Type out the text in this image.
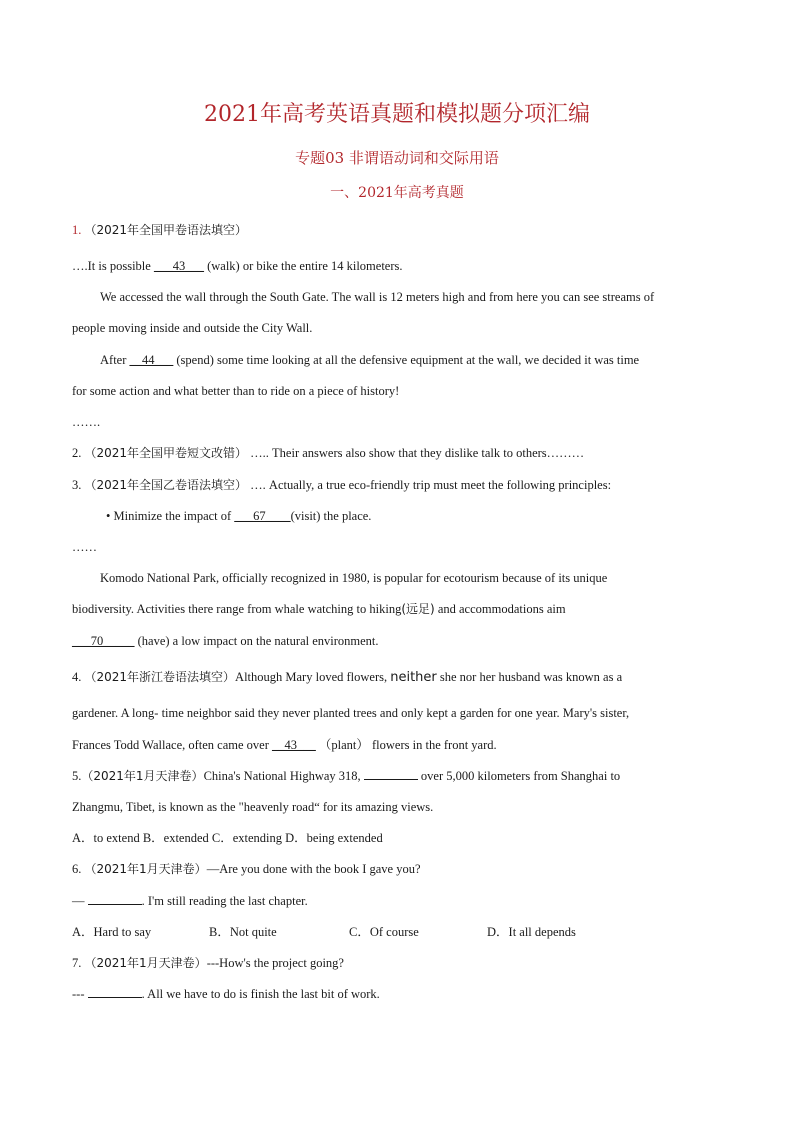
2021年高考英语真题和模拟题分项汇编
专题03 非谓语动词和交际用语
一、2021年高考真题
1. （2021年全国甲卷语法填空）
….It is possible ___43___ (walk) or bike the entire 14 kilometers.
We accessed the wall through the South Gate. The wall is 12 meters high and from here you can see streams of
people moving inside and outside the City Wall.
After __44___ (spend) some time looking at all the defensive equipment at the wall, we decided it was time
for some action and what better than to ride on a piece of history!
…….
2. （2021年全国甲卷短文改错） ….. Their answers also show that they dislike talk to others………
3. （2021年全国乙卷语法填空） …. Actually, a true eco-friendly trip must meet the following principles:
• Minimize the impact of ___67____(visit) the place.
……
Komodo National Park, officially recognized in 1980, is popular for ecotourism because of its unique
biodiversity. Activities there range from whale watching to hiking(远足) and accommodations aim
___70_____ (have) a low impact on the natural environment.
4. （2021年浙江卷语法填空）Although Mary loved flowers, neither she nor her husband was known as a
gardener. A long- time neighbor said they never planted trees and only kept a garden for one year. Mary's sister,
Frances Todd Wallace, often came over __43___ （plant） flowers in the front yard.
5.（2021年1月天津卷）China's National Highway 318,	over 5,000 kilometers from Shanghai to
Zhangmu, Tibet, is known as the "heavenly road“ for its amazing views.
A．to extend B．extended C．extending D．being extended
6. （2021年1月天津卷）—Are you done with the book I gave you?
—	. I'm still reading the last chapter.
A．Hard to say	B．Not quite	C．Of course	D．It all depends
7. （2021年1月天津卷）---How's the project going?
---	. All we have to do is finish the last bit of work.
